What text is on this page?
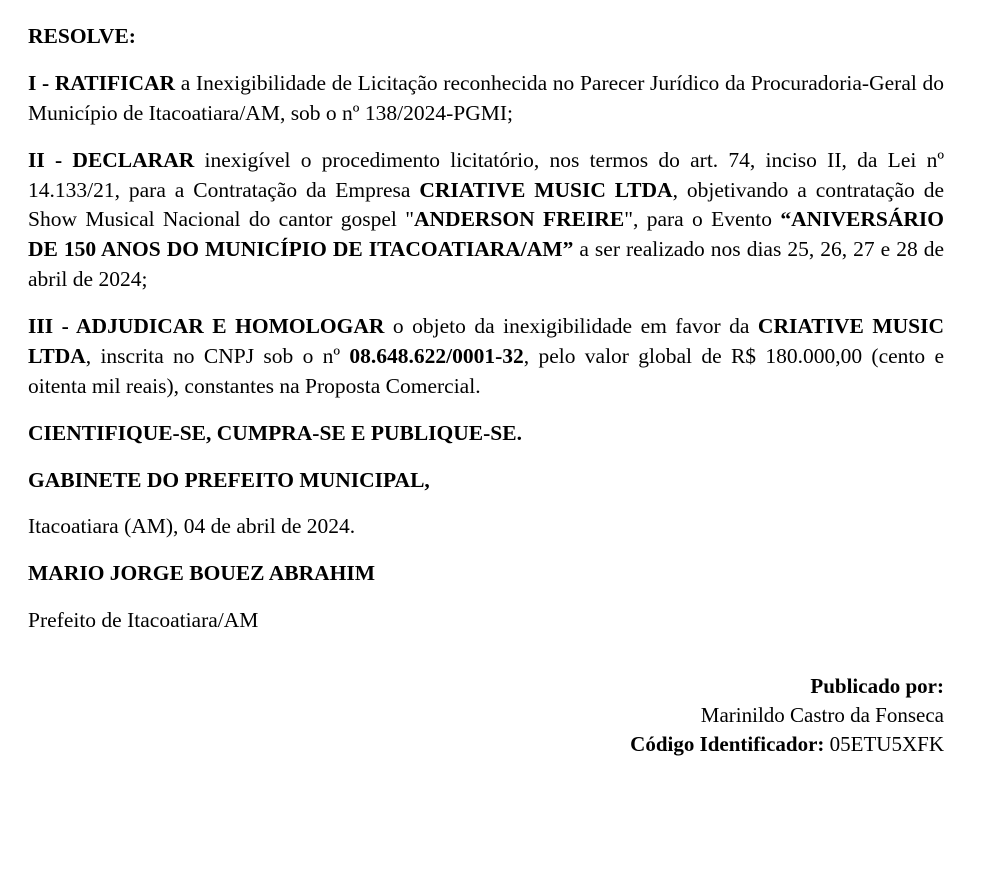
RESOLVE:

I - RATIFICAR a Inexigibilidade de Licitação reconhecida no Parecer Jurídico da Procuradoria-Geral do Município de Itacoatiara/AM, sob o nº 138/2024-PGMI;

II - DECLARAR inexigível o procedimento licitatório, nos termos do art. 74, inciso II, da Lei nº 14.133/21, para a Contratação da Empresa CRIATIVE MUSIC LTDA, objetivando a contratação de Show Musical Nacional do cantor gospel "ANDERSON FREIRE", para o Evento “ANIVERSÁRIO DE 150 ANOS DO MUNICÍPIO DE ITACOATIARA/AM” a ser realizado nos dias 25, 26, 27 e 28 de abril de 2024;

III - ADJUDICAR E HOMOLOGAR o objeto da inexigibilidade em favor da CRIATIVE MUSIC LTDA, inscrita no CNPJ sob o nº 08.648.622/0001-32, pelo valor global de R$ 180.000,00 (cento e oitenta mil reais), constantes na Proposta Comercial.

CIENTIFIQUE-SE, CUMPRA-SE E PUBLIQUE-SE.
GABINETE DO PREFEITO MUNICIPAL,
Itacoatiara (AM), 04 de abril de 2024.
MARIO JORGE BOUEZ ABRAHIM
Prefeito de Itacoatiara/AM
Publicado por:
Marinildo Castro da Fonseca
Código Identificador: 05ETU5XFK
